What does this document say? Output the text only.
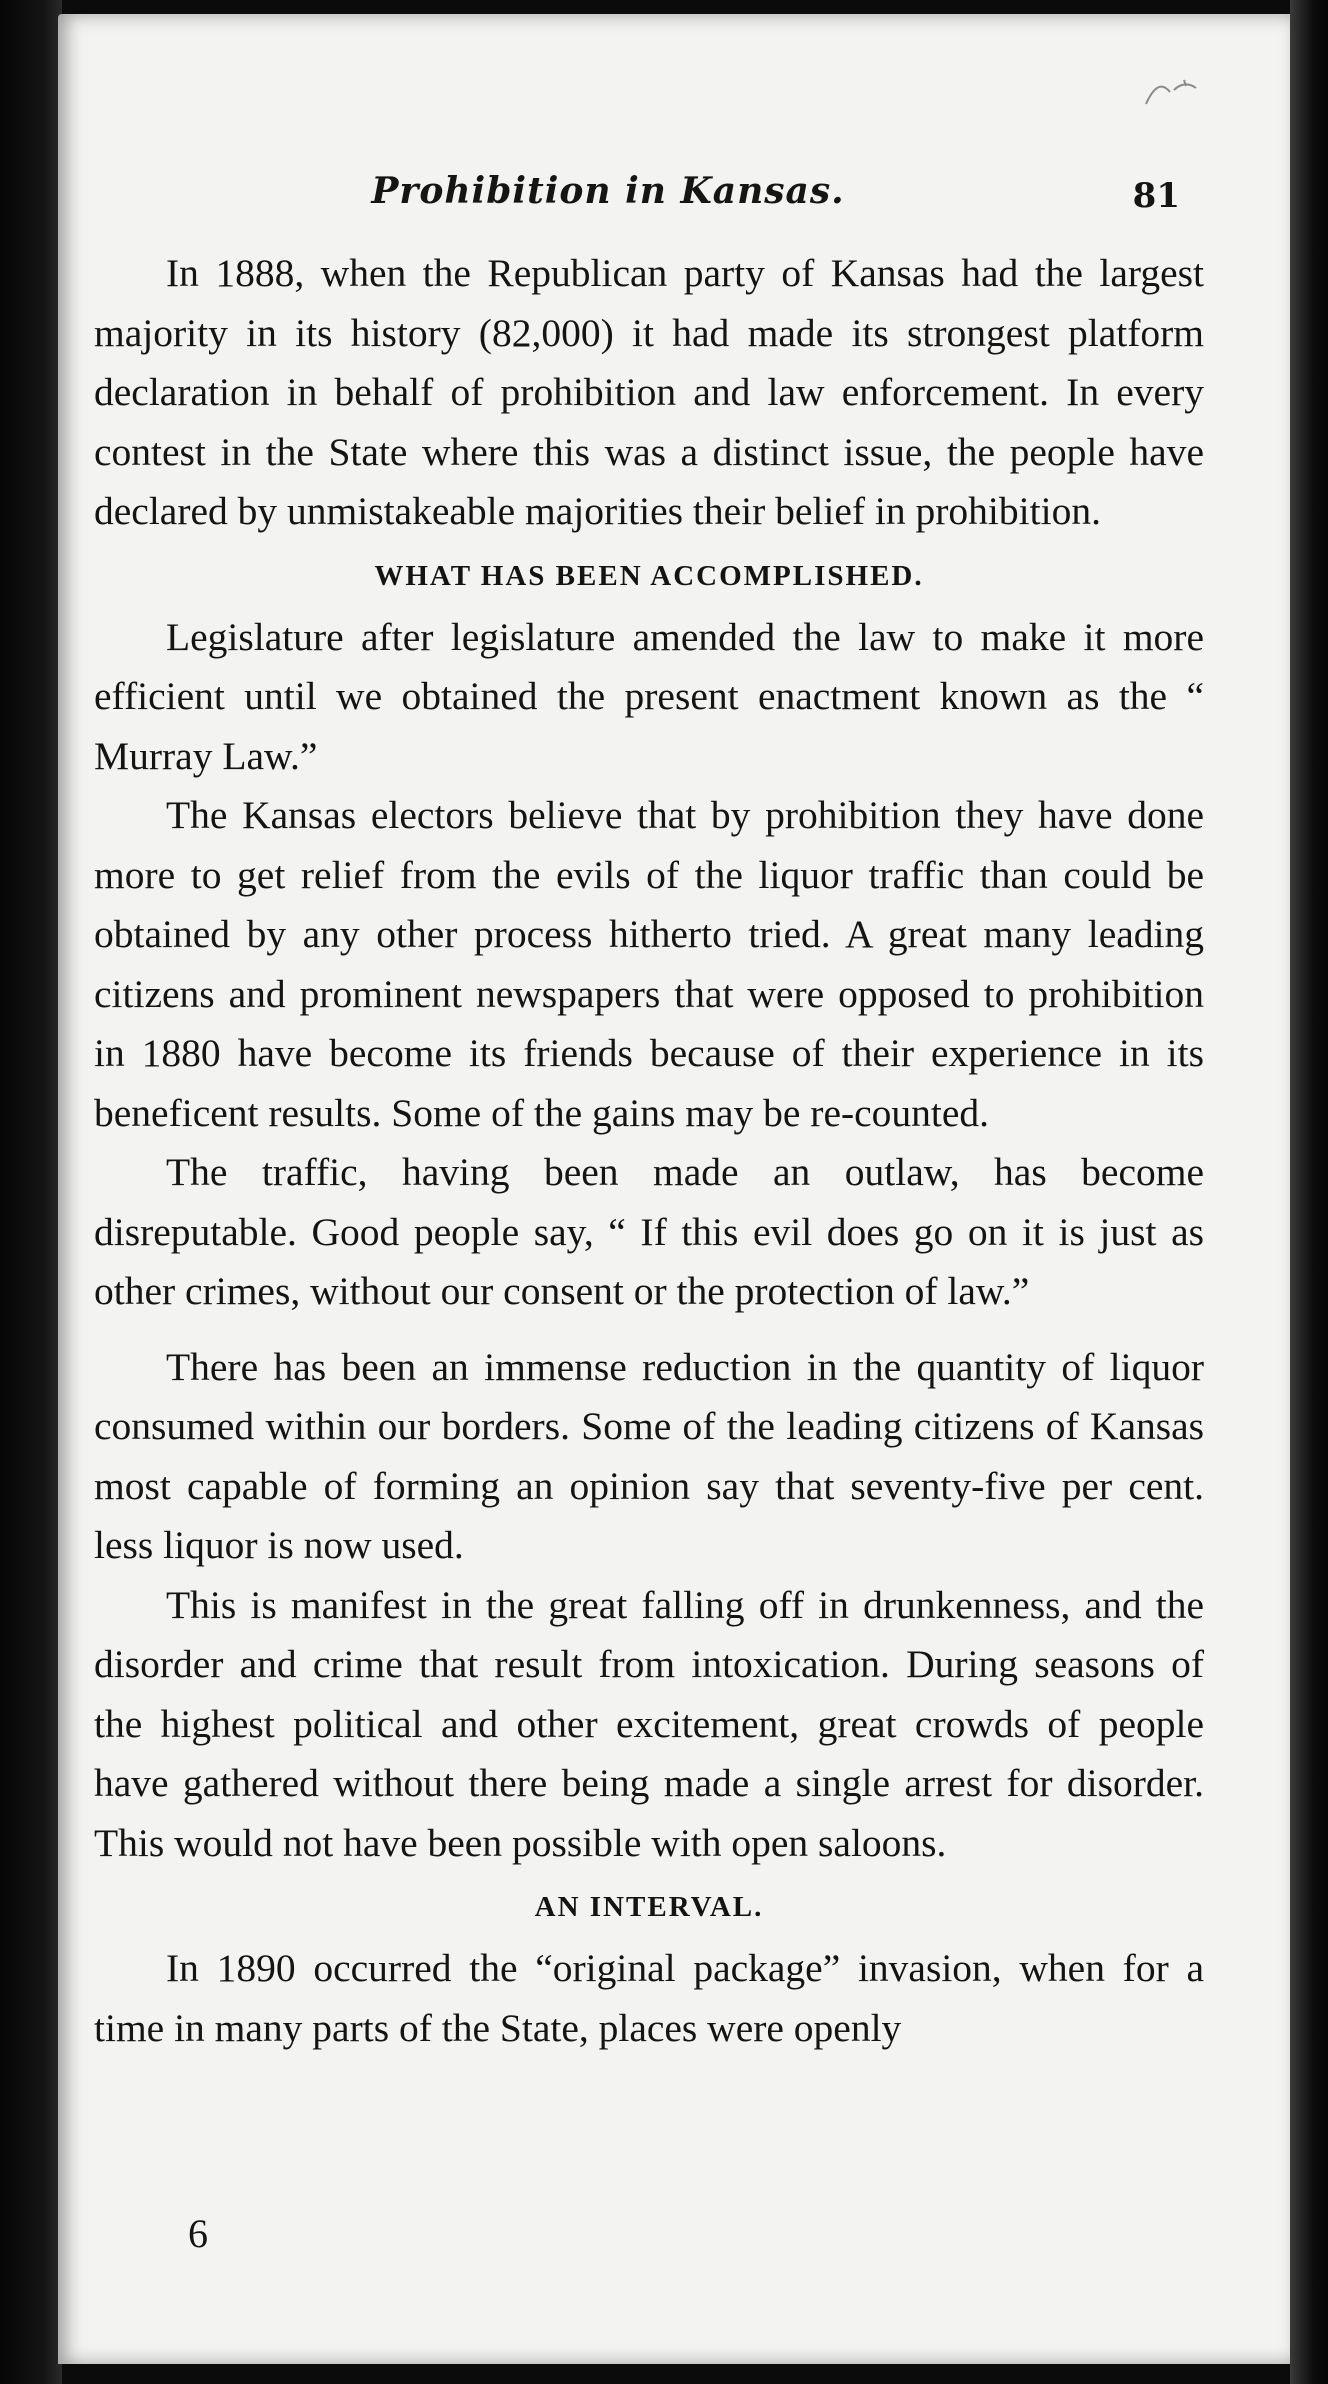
Prohibition in Kansas.	81

In 1888, when the Republican party of Kansas had the largest majority in its history (82,000) it had made its strongest platform declaration in behalf of prohibition and law enforcement. In every contest in the State where this was a distinct issue, the people have declared by unmistakeable majorities their belief in prohibition.

WHAT HAS BEEN ACCOMPLISHED.

Legislature after legislature amended the law to make it more efficient until we obtained the present enactment known as the “ Murray Law.”

The Kansas electors believe that by prohibition they have done more to get relief from the evils of the liquor traffic than could be obtained by any other process hitherto tried. A great many leading citizens and prominent newspapers that were opposed to prohibition in 1880 have become its friends because of their experience in its beneficent results. Some of the gains may be re-counted.

The traffic, having been made an outlaw, has become disreputable. Good people say, “ If this evil does go on it is just as other crimes, without our consent or the protection of law.”

There has been an immense reduction in the quantity of liquor consumed within our borders. Some of the leading citizens of Kansas most capable of forming an opinion say that seventy-five per cent. less liquor is now used.

This is manifest in the great falling off in drunkenness, and the disorder and crime that result from intoxication. During seasons of the highest political and other excitement, great crowds of people have gathered without there being made a single arrest for disorder. This would not have been possible with open saloons.

AN INTERVAL.

In 1890 occurred the “original package” invasion, when for a time in many parts of the State, places were openly

6
